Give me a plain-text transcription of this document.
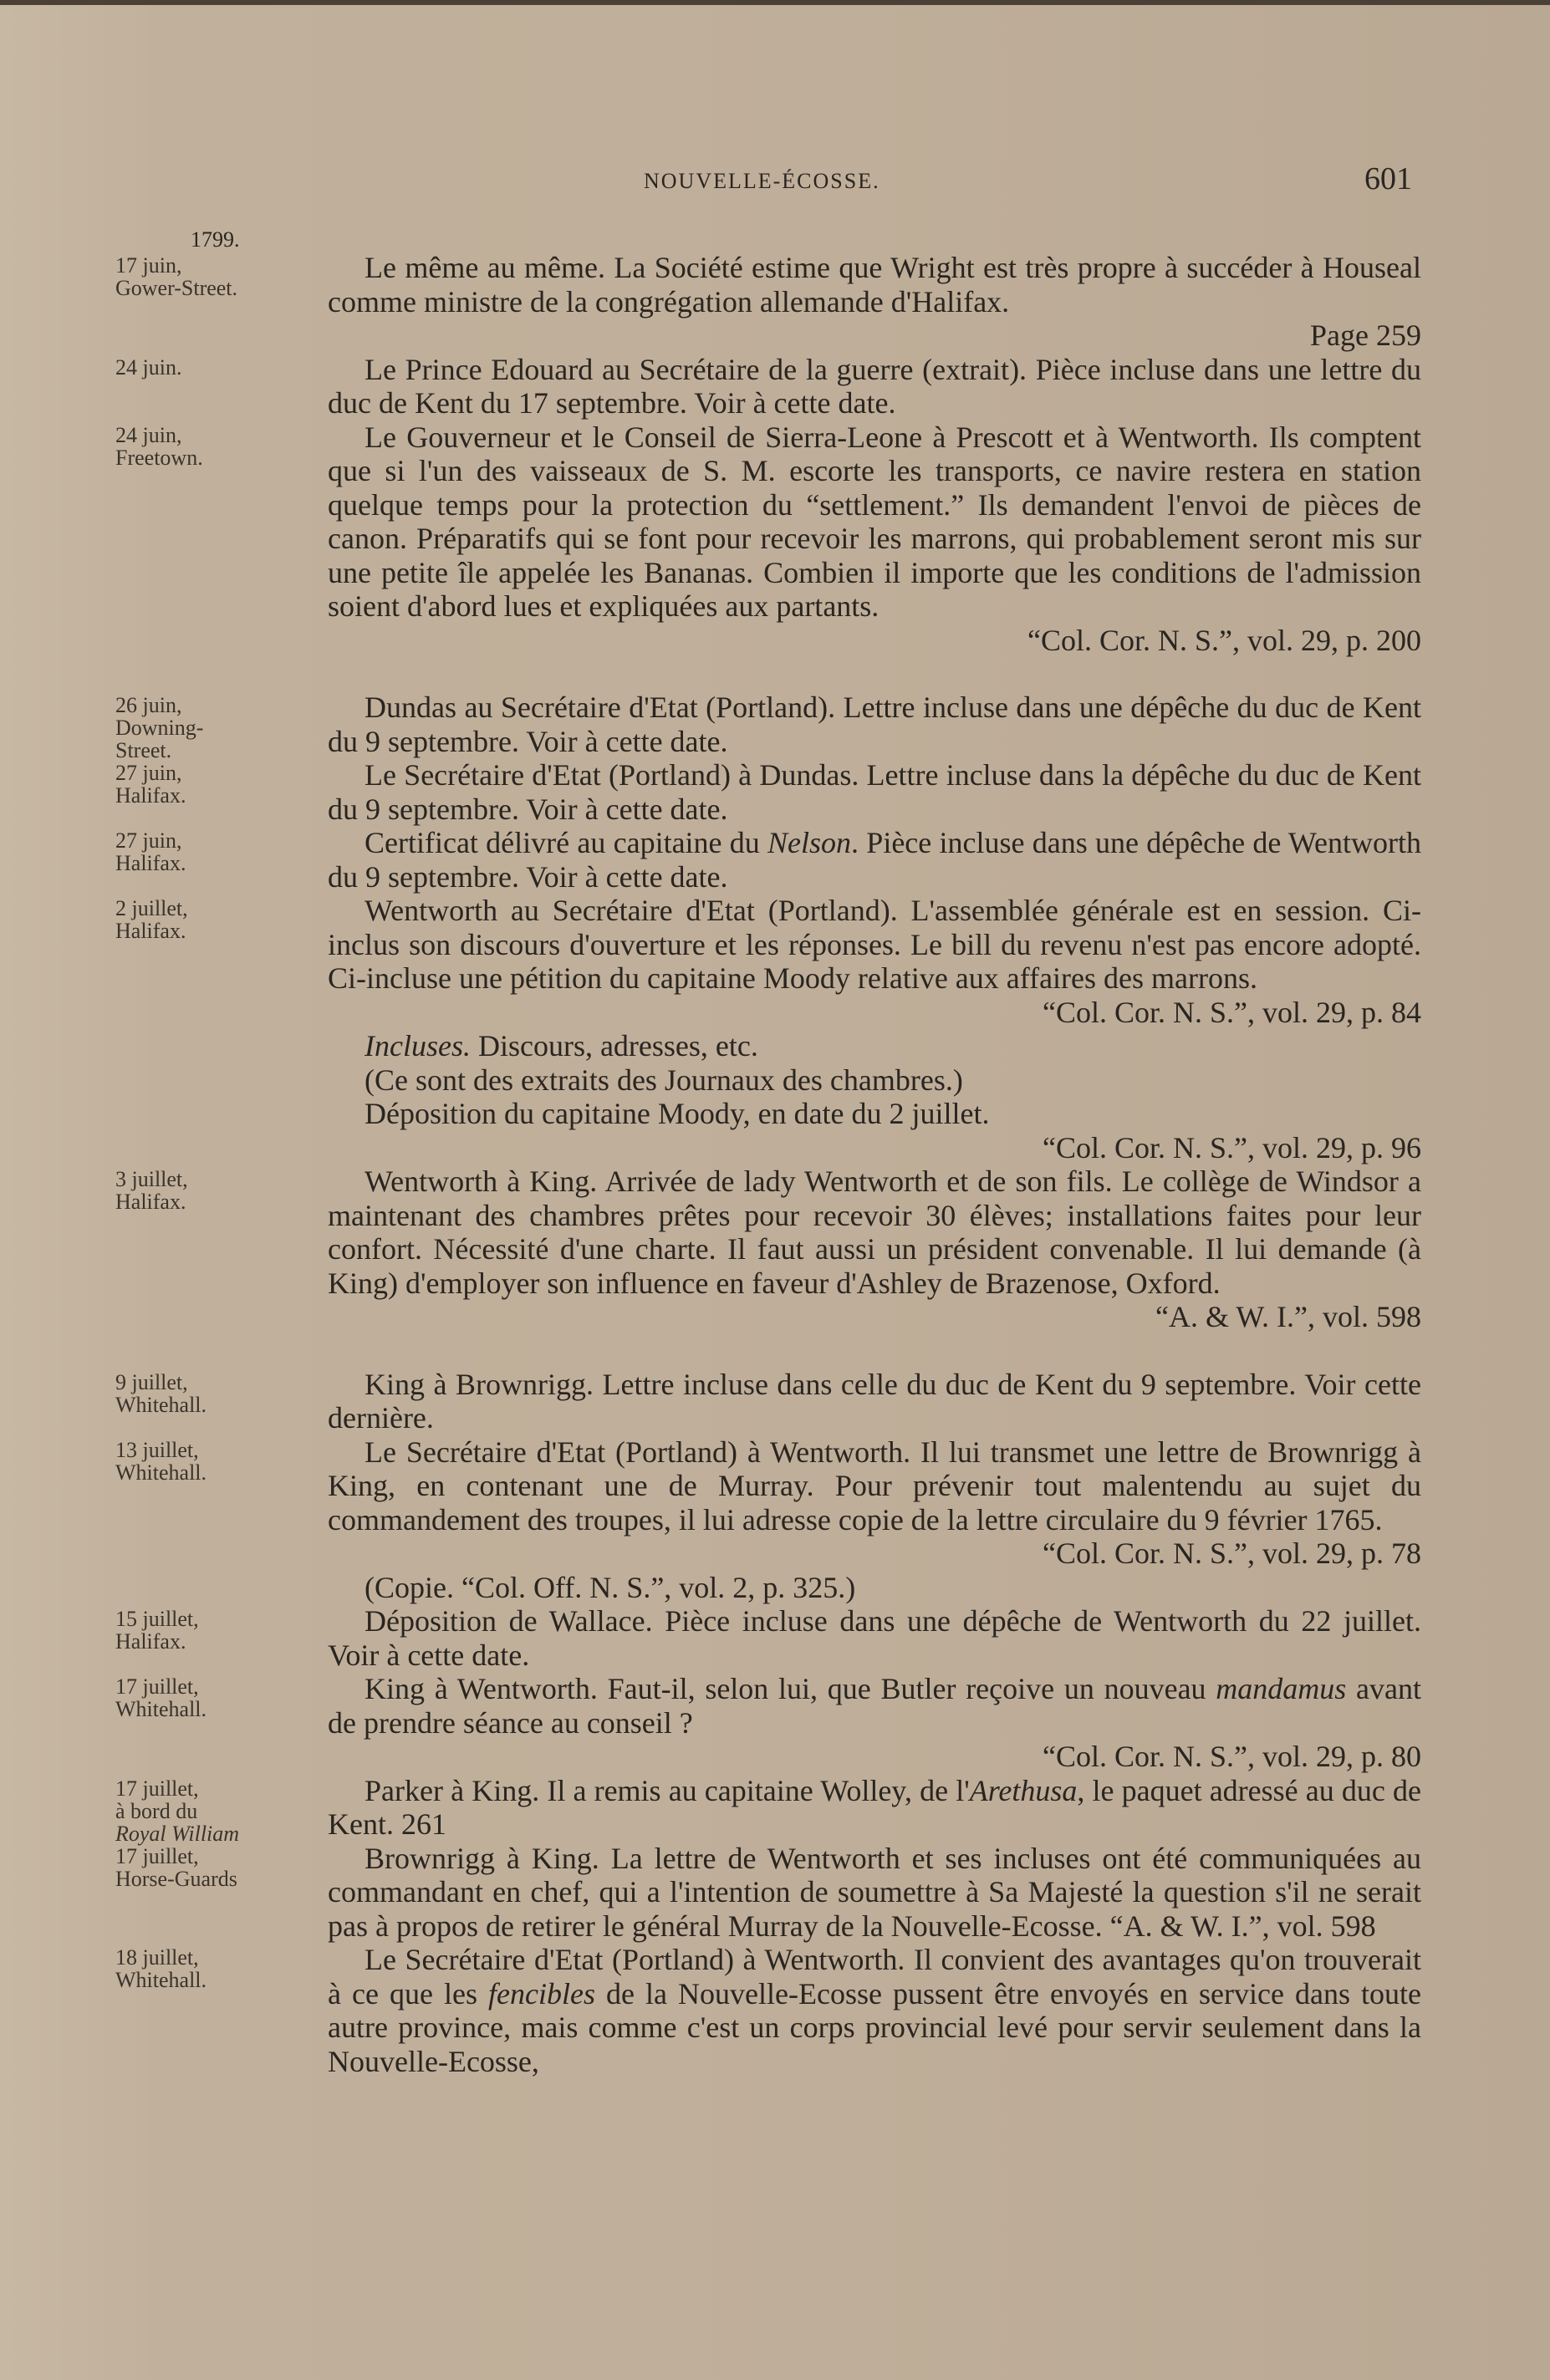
NOUVELLE-ÉCOSSE.	601
1799.
17 juin,
Gower-Street.

Le même au même. La Société estime que Wright est très propre à succéder à Houseal comme ministre de la congrégation allemande d'Halifax.

Page 259

24 juin.	Le Prince Edouard au Secrétaire de la guerre (extrait). Pièce incluse dans une lettre du duc de Kent du 17 septembre. Voir à cette date.

24 juin,
Freetown.

Le Gouverneur et le Conseil de Sierra-Leone à Prescott et à Wentworth. Ils comptent que si l'un des vaisseaux de S. M. escorte les transports, ce navire restera en station quelque temps pour la protection du “settlement.” Ils demandent l'envoi de pièces de canon. Préparatifs qui se font pour recevoir les marrons, qui probablement seront mis sur une petite île appelée les Bananas. Combien il importe que les conditions de l'admission soient d'abord lues et expliquées aux partants.

“Col. Cor. N. S.”, vol. 29, p. 200

26 juin,
Downing-
Street.

Dundas au Secrétaire d'Etat (Portland). Lettre incluse dans une dépêche du duc de Kent du 9 septembre. Voir à cette date.

27 juin,
Halifax.

Le Secrétaire d'Etat (Portland) à Dundas. Lettre incluse dans la dépêche du duc de Kent du 9 septembre. Voir à cette date.

27 juin,
Halifax.

Certificat délivré au capitaine du Nelson. Pièce incluse dans une dépêche de Wentworth du 9 septembre. Voir à cette date.

2 juillet,
Halifax.

Wentworth au Secrétaire d'Etat (Portland). L'assemblée générale est en session. Ci-inclus son discours d'ouverture et les réponses. Le bill du revenu n'est pas encore adopté. Ci-incluse une pétition du capitaine Moody relative aux affaires des marrons.

“Col. Cor. N. S.”, vol. 29, p. 84

Incluses. Discours, adresses, etc.

(Ce sont des extraits des Journaux des chambres.)

Déposition du capitaine Moody, en date du 2 juillet.

“Col. Cor. N. S.”, vol. 29, p. 96

3 juillet,
Halifax.

Wentworth à King. Arrivée de lady Wentworth et de son fils. Le collège de Windsor a maintenant des chambres prêtes pour recevoir 30 élèves; installations faites pour leur confort. Nécessité d'une charte. Il faut aussi un président convenable. Il lui demande (à King) d'employer son influence en faveur d'Ashley de Brazenose, Oxford.

“A. & W. I.”, vol. 598

9 juillet,
Whitehall.

King à Brownrigg. Lettre incluse dans celle du duc de Kent du 9 septembre. Voir cette dernière.

13 juillet,
Whitehall.

Le Secrétaire d'Etat (Portland) à Wentworth. Il lui transmet une lettre de Brownrigg à King, en contenant une de Murray. Pour prévenir tout malentendu au sujet du commandement des troupes, il lui adresse copie de la lettre circulaire du 9 février 1765.

“Col. Cor. N. S.”, vol. 29, p. 78

(Copie. “Col. Off. N. S.”, vol. 2, p. 325.)

15 juillet,
Halifax.

Déposition de Wallace. Pièce incluse dans une dépêche de Wentworth du 22 juillet. Voir à cette date.

17 juillet,
Whitehall.

King à Wentworth. Faut-il, selon lui, que Butler reçoive un nouveau mandamus avant de prendre séance au conseil ?

“Col. Cor. N. S.”, vol. 29, p. 80

17 juillet,
à bord du
Royal William

Parker à King. Il a remis au capitaine Wolley, de l'Arethusa, le paquet adressé au duc de Kent. 261

17 juillet,
Horse-Guards

Brownrigg à King. La lettre de Wentworth et ses incluses ont été communiquées au commandant en chef, qui a l'intention de soumettre à Sa Majesté la question s'il ne serait pas à propos de retirer le général Murray de la Nouvelle-Ecosse. “A. & W. I.”, vol. 598

18 juillet,
Whitehall.

Le Secrétaire d'Etat (Portland) à Wentworth. Il convient des avantages qu'on trouverait à ce que les fencibles de la Nouvelle-Ecosse pussent être envoyés en service dans toute autre province, mais comme c'est un corps provincial levé pour servir seulement dans la Nouvelle-Ecosse,
